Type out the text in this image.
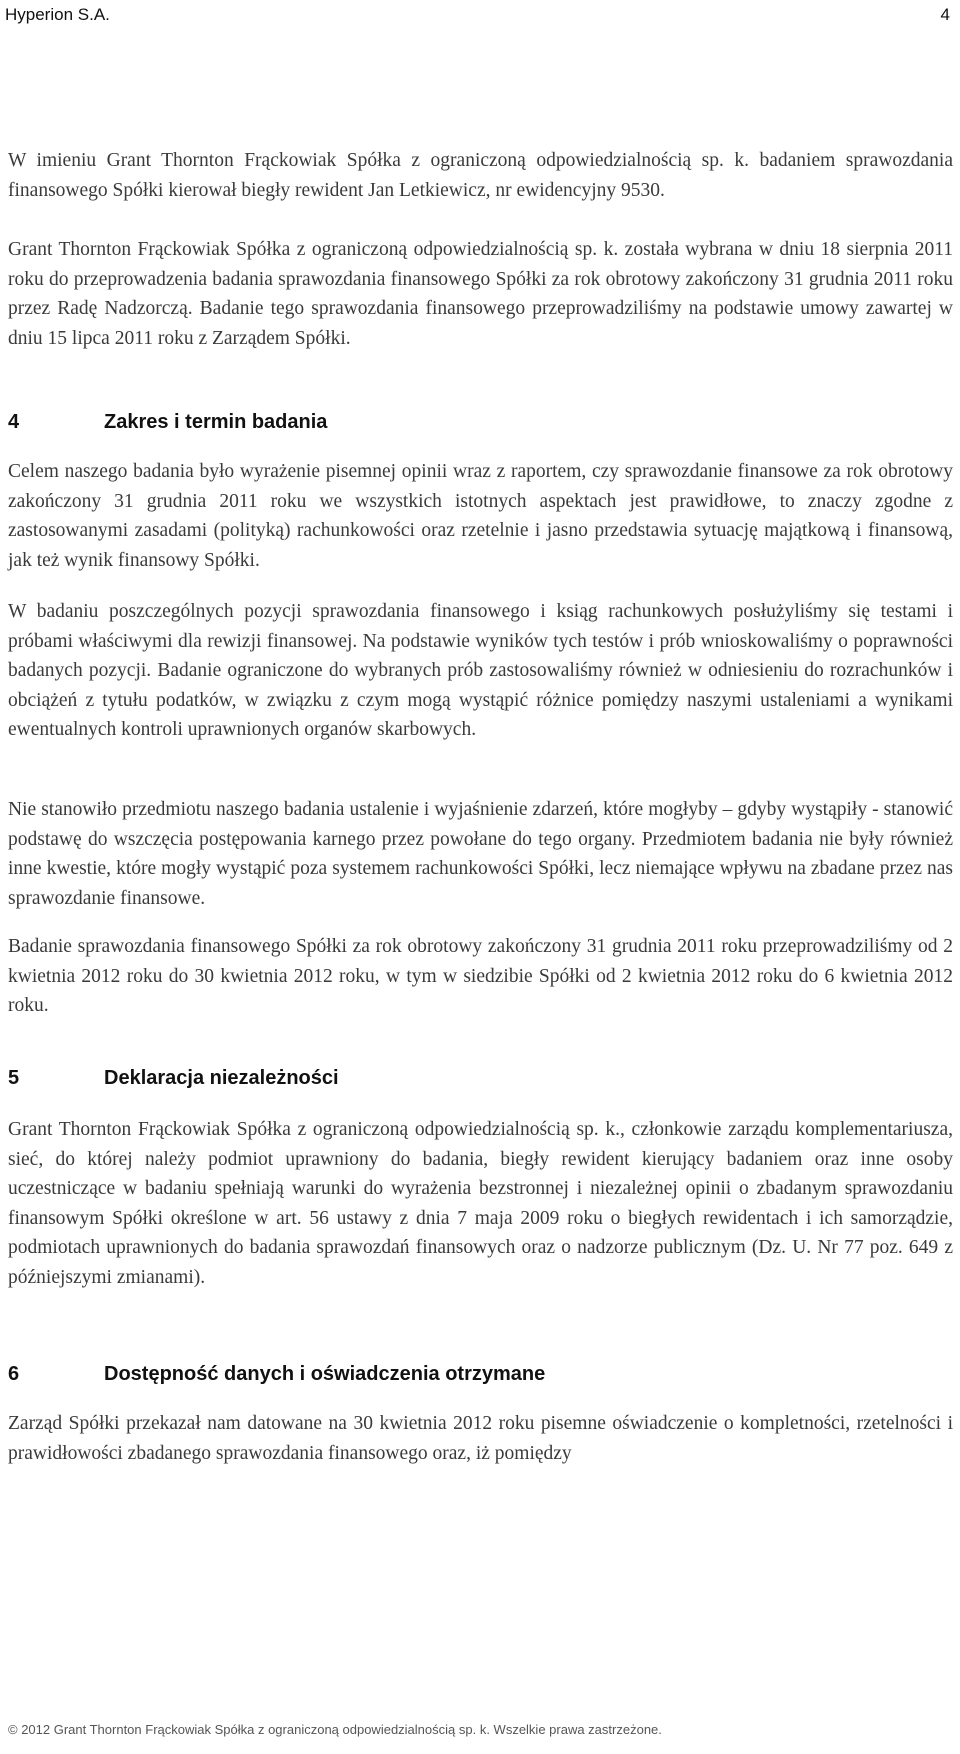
Hyperion S.A.	4

W imieniu Grant Thornton Frąckowiak Spółka z ograniczoną odpowiedzialnością sp. k. badaniem sprawozdania finansowego Spółki kierował biegły rewident Jan Letkiewicz, nr ewidencyjny 9530.

Grant Thornton Frąckowiak Spółka z ograniczoną odpowiedzialnością sp. k. została wybrana w dniu 18 sierpnia 2011 roku do przeprowadzenia badania sprawozdania finansowego Spółki za rok obrotowy zakończony 31 grudnia 2011 roku przez Radę Nadzorczą. Badanie tego sprawozdania finansowego przeprowadziliśmy na podstawie umowy zawartej w dniu 15 lipca 2011 roku z Zarządem Spółki.

4	Zakres i termin badania

Celem naszego badania było wyrażenie pisemnej opinii wraz z raportem, czy sprawozdanie finansowe za rok obrotowy zakończony 31 grudnia 2011 roku we wszystkich istotnych aspektach jest prawidłowe, to znaczy zgodne z zastosowanymi zasadami (polityką) rachunkowości oraz rzetelnie i jasno przedstawia sytuację majątkową i finansową, jak też wynik finansowy Spółki.

W badaniu poszczególnych pozycji sprawozdania finansowego i ksiąg rachunkowych posłużyliśmy się testami i próbami właściwymi dla rewizji finansowej. Na podstawie wyników tych testów i prób wnioskowaliśmy o poprawności badanych pozycji. Badanie ograniczone do wybranych prób zastosowaliśmy również w odniesieniu do rozrachunków i obciążeń z tytułu podatków, w związku z czym mogą wystąpić różnice pomiędzy naszymi ustaleniami a wynikami ewentualnych kontroli uprawnionych organów skarbowych.

Nie stanowiło przedmiotu naszego badania ustalenie i wyjaśnienie zdarzeń, które mogłyby – gdyby wystąpiły - stanowić podstawę do wszczęcia postępowania karnego przez powołane do tego organy. Przedmiotem badania nie były również inne kwestie, które mogły wystąpić poza systemem rachunkowości Spółki, lecz niemające wpływu na zbadane przez nas sprawozdanie finansowe.

Badanie sprawozdania finansowego Spółki za rok obrotowy zakończony 31 grudnia 2011 roku przeprowadziliśmy od 2 kwietnia 2012 roku do 30 kwietnia 2012 roku, w tym w siedzibie Spółki od 2 kwietnia 2012 roku do 6 kwietnia 2012 roku.

5	Deklaracja niezależności

Grant Thornton Frąckowiak Spółka z ograniczoną odpowiedzialnością sp. k., członkowie zarządu komplementariusza, sieć, do której należy podmiot uprawniony do badania, biegły rewident kierujący badaniem oraz inne osoby uczestniczące w badaniu spełniają warunki do wyrażenia bezstronnej i niezależnej opinii o zbadanym sprawozdaniu finansowym Spółki określone w art. 56 ustawy z dnia 7 maja 2009 roku o biegłych rewidentach i ich samorządzie, podmiotach uprawnionych do badania sprawozdań finansowych oraz o nadzorze publicznym (Dz. U. Nr 77 poz. 649 z późniejszymi zmianami).

6	Dostępność danych i oświadczenia otrzymane

Zarząd Spółki przekazał nam datowane na 30 kwietnia 2012 roku pisemne oświadczenie o kompletności, rzetelności i prawidłowości zbadanego sprawozdania finansowego oraz, iż pomiędzy

© 2012 Grant Thornton Frąckowiak Spółka z ograniczoną odpowiedzialnością sp. k. Wszelkie prawa zastrzeżone.
